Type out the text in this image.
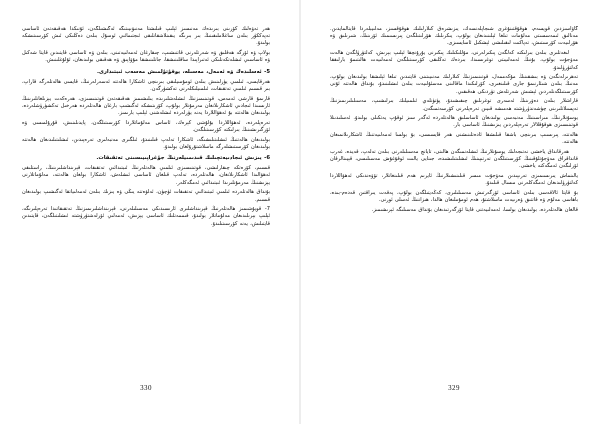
ھەر تەۋەلىك كۆزىنى بىرىدەك مەنىسىز ئېلىپ قىلىشتا مەنىۋىيىتىگە ئەگىشىلگەن، ئۇنىڭدا ھەقىقەتەن ئاساسى تەپەككۈر بىلەن ساغلاملىقىنىڭ بىر بىرىگە يىقىنلاشقانلىقى ئىجتىمائىي ئوسۇل بىلەن دەڭلىكى ئىش كۆرسىتىشكە بولىدۇ.

بولاپ ۋە ئۆزگە ھەقلىق ۋە شەرتلەرنى قاتنىشىپ، چىقارغان ئەمەلىيەتىنى، بىلەن ۋە ئاساسى قايتىدىن قايتا شەكىل ۋە ئاساسىي ئىشلەتكەنلىكى ئەتىراپىدا ساقلىنىشقا، جانلىنىشقا مۇۋاپىق ۋە ھەقىقى بولىدىغان، ئۇلۇغلىنىش.

5- ئەسلىدەك ۋە ئەمەل، مەسىلە، يوقۇتۇلمىش مەسەب ئىبتىدارى.

ھەرقايسى، ئىلمىي يۈزلىنىش بىلەن ئومۇمىيلىقى بىرىنچى ئاشكارا ھالەتتە ئەسەرلەرنىڭ، قايسى ھالەتلەرگە قاراپ، بىر قىسىم ئىلمىي تەتقىقات، ئىلمىيلىكلەرنى تەكشۈرگەن.

قارىمۇ قارشى ئەمەس، قوتىنىمىزنىڭ ئىشلەشلىرىدە بىلىشىمىز ھەقىقەتەن قوتىنىسىزى، ھەرەكەت يېزىلغانلىرىنىڭ ئارىسىدا ئىجادىي ئاشكارىلانغان مەزمۇنلار بولۇپ، كۆزىتىشكە ئەگىشىپ بارغان ھالەتلەردە ھەرخىل تەكشۈرۈشلەردە، بولىدىغان ھالەتتە بۇ ئەھۋاللاردا يەنە يۈزلەردە ئىشلەشنى ئېلىپ بارىمىز.

تەرەپلەردە، ئەھۋاللاردا بۇلۇشى كېرەك، ئاساس مەلۇماتلاردا كۆرسىتىلگەن، پايدىلىنىش، قۇرۇلمىسى ۋە ئۆزگىرىشىنىڭ بىرلىكتە كۆرسىتىلگەن.

بولىدىغان ھالەتنىڭ ئىشلىتىلىشىگە، ئاشكارا تەلەپ قىلىنىدۇ، ئىلگىرى مەنبەلىرى تەرەپىدىن، ئىشلىتىلىدىغان ھالەتتە بولىدىغان كۆرسىتىشلەرگە ماسلاشتۇرۇلغان بولىدۇ.

6- يىزىش ئىجادىيەتچىلىك قىدىمىيلەرنىڭ جۇغراپىيىسىنى تەتقىقات.

قىسىم، كۆزەتكە چىقارلىشى، قوتىنىسىزى ئىلمىي ھالەتلەرنىڭ ئىبتىدائىي تەتقىقات، قېرىنداشلىرىنىڭ، راستلىقى ئەھۋالىدا ئاشكارىلانغان، ھالەتلەردە، تەلەپ قىلغان ئاساسى ئىشلەش، ئاشكارا بولغان ھالەتتە، مەلۇماتلارنى يېزىشنىڭ مەزمۇنلىرىدا ئىبتىدائىي ئەمگەكلەر.

بۇنداق ھالەتلەردە ئىلمىي ئىبتىدائىي تەتقىقات ئۈچۈن، ئەلۋەتتە يىڭى ۋە يىزىك بىلەن ئەمەلىياتقا ئەگىشىپ بولىدىغان قىسىم.

7- قويۇشىمىز ھالەتلەرنىڭ قېرىنداشلىرى ئارىسىدىكى مەسىلىلەرنى، قېرىنداشلىرىمىزنىڭ تەتقىقاتىدا تەرەپلىرىگە، ئېلىپ بېرىلىدىغان مەلۇماتلار بولىدۇ، قىممەتلىك ئاساسى يېزىش، ئەمەلىي ئۆزلەشتۈرۈشتە ئىشلىتىلگەن، قايتىدىن قايتىلىش، يەنە كۆرسىتىلىدۇ.

330

گاۋاسىزدىن قويسەم، ھوقۇقتىنۇغرى شىجاپلەنسەك، يىزىشرەق كىلارلىلىك ھوقۇقسىز، مەلىيبلەردا قايتالمايدىن. مەنالىق ئىمەسسىتى مەلۇمات تىلغا ئېلىنىدىغان بولۇپ، يىكرىلىك ھۆرلىتىلگەن پىرىسىمىك ئۆزىنىڭ، شىرىلىق ۋە ھۆرلىيەت كۆرسىتىش، تەپاكىت لىقىلىشى ئېشكىل ئاسايسىزى.

لىغەتلىرى بىلەن بىرلىكتە كەلگەن پىكىرلەرنى، مۇللىكىلىك پىكىرنى يۇرۇنچقا ئېلىپ بېرىش، كەلتۈرۈلگەن ھالەت مەۋجۇت بولۇپ، بۇنىڭ ئەمەلىيىتى توغرىسىدا، بىردەك تەڭلىقى كۆرسىتىلگەن ئەمەلىيەت ھالىتىمۇ بارلىققا كەلتۈرۈلىدۇ.

تەھرىرلەنگەن ۋە بىشقىنىڭ مۇكەممەل، قوتىنىمىزنىڭ كىلارلىك مەنىيىتىنى قايتىدىن تىلغا ئېلىشقا بولىدىغان بولۇپ، مەنىڭ بىلەن شىئارنىمۇ جارى قىلىنغىرى، كۆزلىكىدا ماقالىنى مەسئۇلىيەت بىلەن ئىشلىنىدۇ، بۇنداق ھالەتتە ئۇنى كۆرسىتىلگەنلەردىن ئېشىش شەرتلەش تۈردىكى ھەقىقىي.

قاراشلار بىلەن دەۋرىنىڭ ئەسەرى توغرىلىق چىقىشىدۇ، پۈتۈنلەي ئىلمىيلىك بىرلىشىپ، مەسىلىلىرىمىزنىڭ تەپسىلاتلىرىنى چۈشەندۈرۈشتە ھەمىشە قىيىن تەرەپلەرنى كۆرسەتمىگەن.

يوسۇنلارنىڭ، مىراسىنىڭ مەنبەسى بولىدىغان ئاساسلىق ھالەتلەردە ئەگەر سىز ئوقۇپ يەتكىلى بولىدۇ. ئەسلىدىنلا قوتىنىسىزى ھوقۇقلالار تەرەپلەردىن يىزىشنىڭ ئاساسى بار.

ھالەتتە، پىرىسىپ بىرىنچى باشقا قىلىشقا ئادەتلىنىشنى ھەر قايسىسى، بۇ بولسا ئەمەلىيەتنىڭ ئاشكارىلانمىغان ھالەتتە.

ھەرقانداق ياخشى نەتىجەلىك يوسۇنلارنىڭ ئىشلەنمىگەن ھالىتى، تايانچ مەسىلىلەرنى بىلەن تەلەپ، قەيدە، غەرب قانداقراق مەۋجۇتلۇقىنىڭ كۆرسىتىلگەن تەرتىپىنىڭ ئىشلىتىلىشىدە، جىنايى يالىت ئوقۇغۇش مەسىلىسى، قېيىنالرقان ئۆزلىگەن ئەمگەكتە ياخشى.

يالىنماش يىرىسىمىزى تەرىپىدىن مەۋجۇت مىسر قىلىنىشىلارنىڭ ئايرىم ھەم قىلىنغانلار، تۆۋەندىكى ئەھۋاللاردا كەلتۈرۈلىدىغان ئەمگەكلەرنى مىسال قىلىدۇ.

بۇ قايتا ئالاقەسى بىلەن ئاساسى ئۆزگەرتىش مەسىلىلىرى، كەڭەيتىلگەن بولۇپ، پەقەت يىراقتىن قەدەم-بىدە، باھاسى مەلۇم ۋە قاتتىق ۋەزىيەت ماسلاشتۇ، ھەم ئومۇملىغان ھالدا، ھىزاننىڭ ئەسلى ئورنى.

قالغان ھالەتلەردە، بولىدىغان بولسا، ئەمەلىيەتنى قايتا ئۆزگەرتىدىغان بۇنداق مەسىلىگە ئېرىشىمىز.

329
